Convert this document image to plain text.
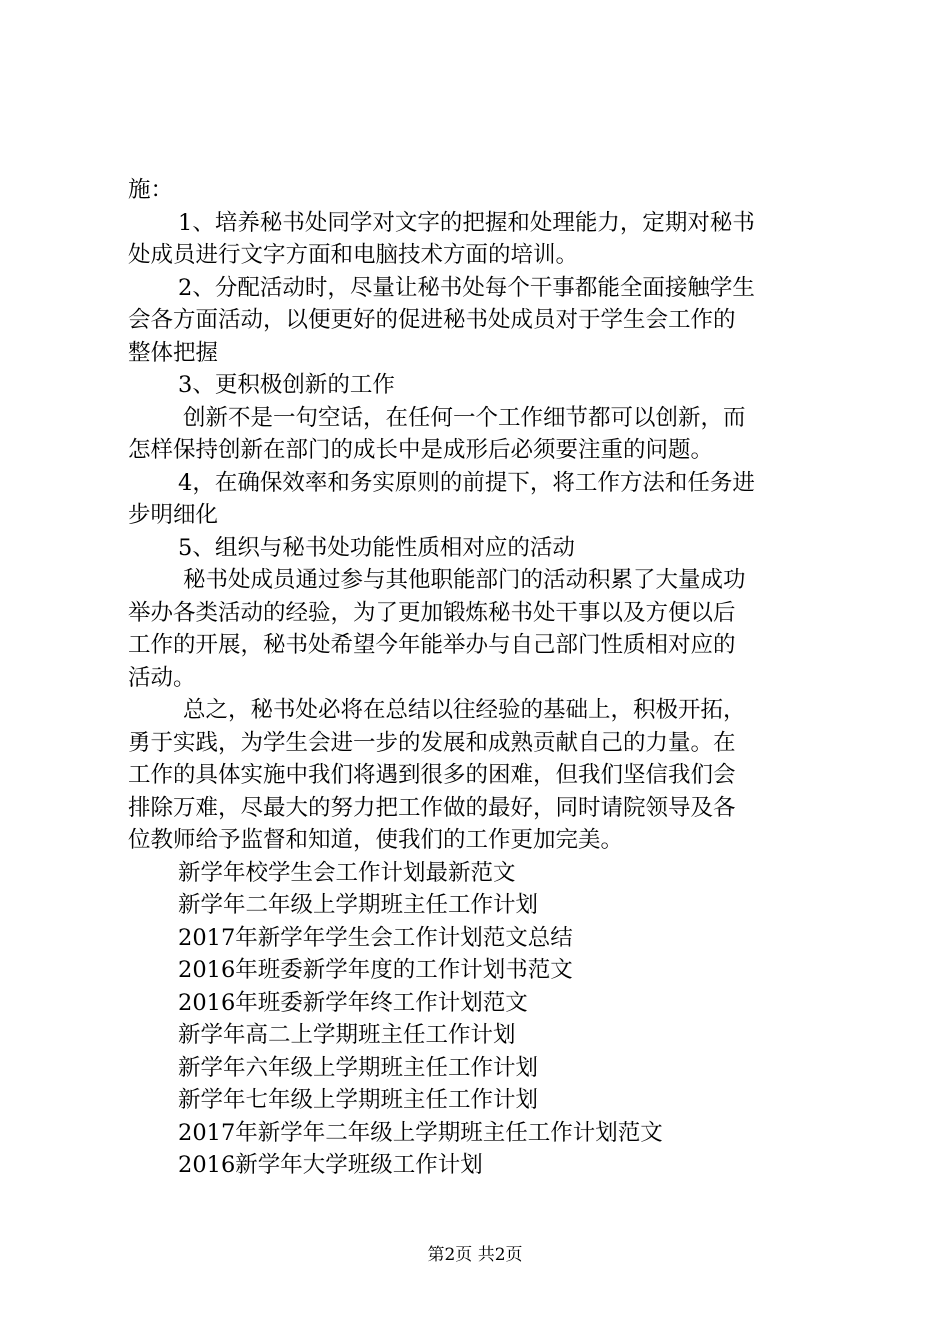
施：
1、培养秘书处同学对文字的把握和处理能力，定期对秘书
处成员进行文字方面和电脑技术方面的培训。
2、分配活动时，尽量让秘书处每个干事都能全面接触学生
会各方面活动，以便更好的促进秘书处成员对于学生会工作的
整体把握
3、更积极创新的工作
创新不是一句空话，在任何一个工作细节都可以创新，而
怎样保持创新在部门的成长中是成形后必须要注重的问题。
4，在确保效率和务实原则的前提下，将工作方法和任务进
步明细化
5、组织与秘书处功能性质相对应的活动
秘书处成员通过参与其他职能部门的活动积累了大量成功
举办各类活动的经验，为了更加锻炼秘书处干事以及方便以后
工作的开展，秘书处希望今年能举办与自己部门性质相对应的
活动。
总之，秘书处必将在总结以往经验的基础上，积极开拓，
勇于实践，为学生会进一步的发展和成熟贡献自己的力量。在
工作的具体实施中我们将遇到很多的困难，但我们坚信我们会
排除万难，尽最大的努力把工作做的最好，同时请院领导及各
位教师给予监督和知道，使我们的工作更加完美。
新学年校学生会工作计划最新范文
新学年二年级上学期班主任工作计划
2017年新学年学生会工作计划范文总结
2016年班委新学年度的工作计划书范文
2016年班委新学年终工作计划范文
新学年高二上学期班主任工作计划
新学年六年级上学期班主任工作计划
新学年七年级上学期班主任工作计划
2017年新学年二年级上学期班主任工作计划范文
2016新学年大学班级工作计划
第2页 共2页
